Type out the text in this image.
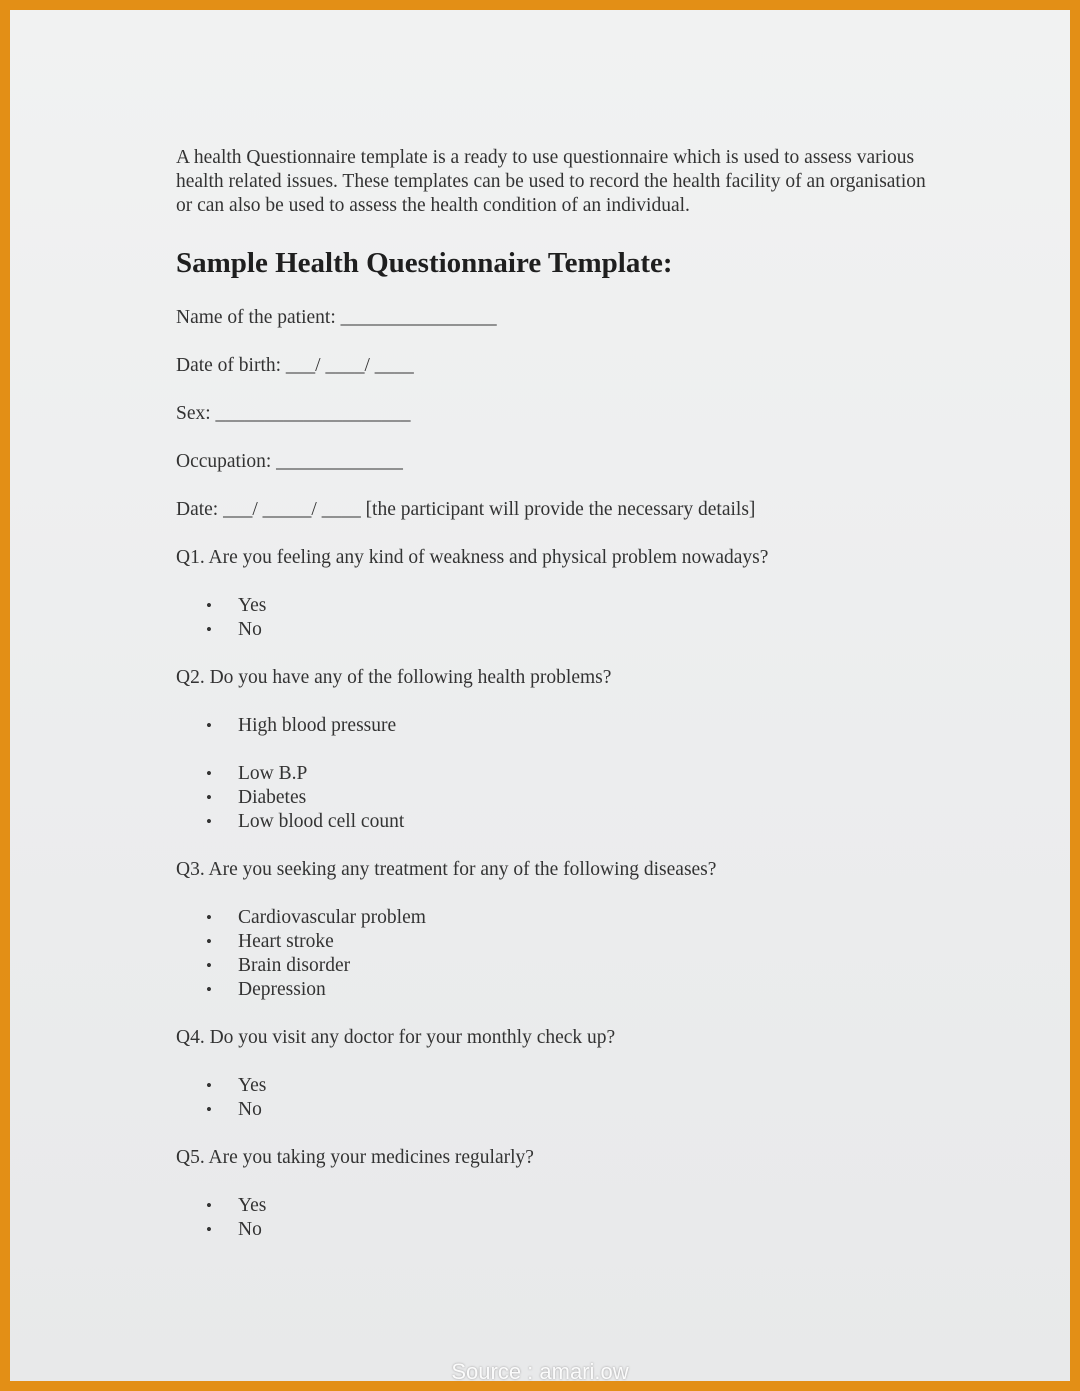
A health Questionnaire template is a ready to use questionnaire which is used to assess various health related issues. These templates can be used to record the health facility of an organisation or can also be used to assess the health condition of an individual.

Sample Health Questionnaire Template:

Name of the patient: ________________

Date of birth: ___/ ____/ ____

Sex: ____________________

Occupation: _____________

Date: ___/ _____/ ____ [the participant will provide the necessary details]

Q1. Are you feeling any kind of weakness and physical problem nowadays?

• Yes
• No

Q2. Do you have any of the following health problems?

• High blood pressure
• Low B.P
• Diabetes
• Low blood cell count

Q3. Are you seeking any treatment for any of the following diseases?

• Cardiovascular problem
• Heart stroke
• Brain disorder
• Depression

Q4. Do you visit any doctor for your monthly check up?

• Yes
• No

Q5. Are you taking your medicines regularly?

• Yes
• No
Source : amari.ow
